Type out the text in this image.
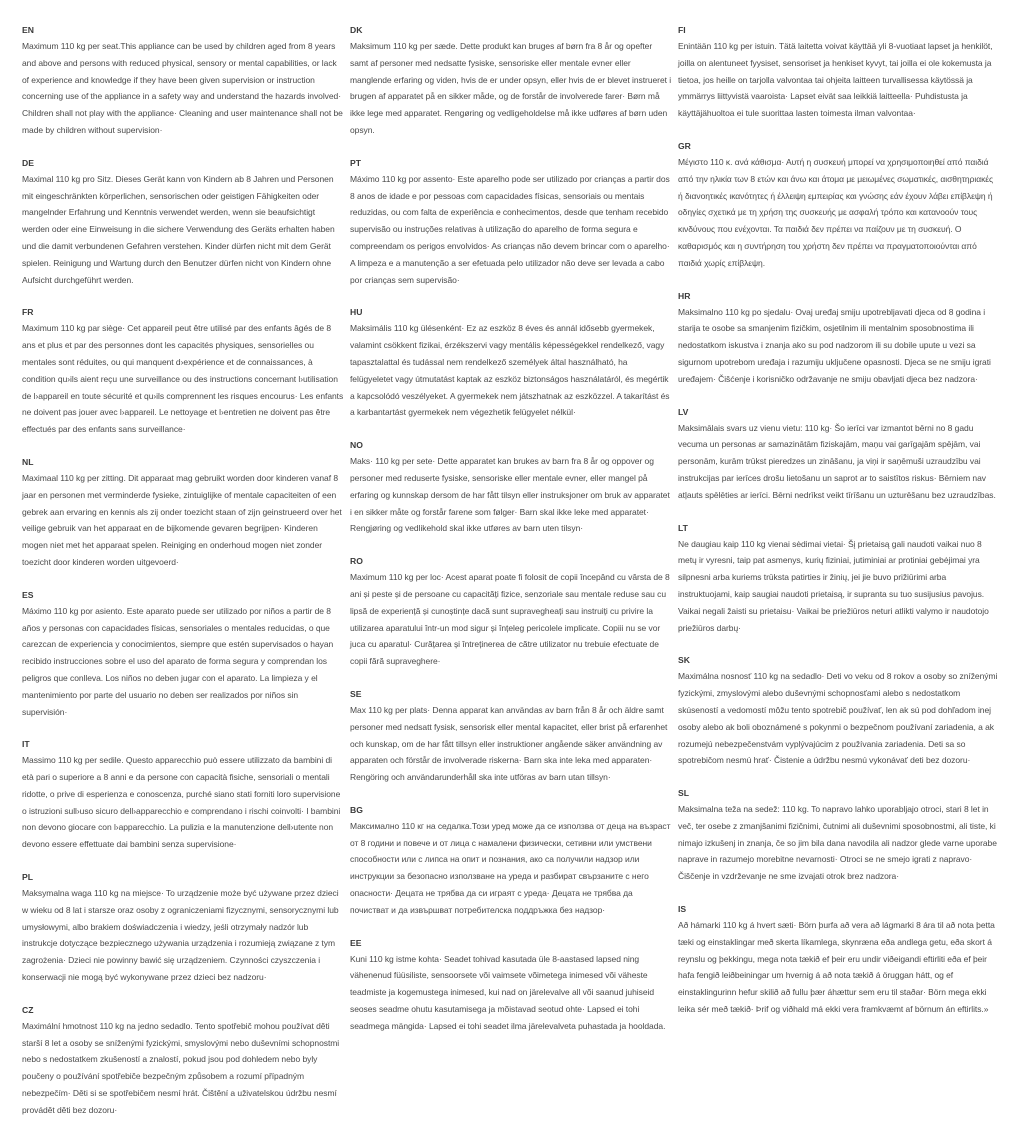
EN
Maximum 110 kg per seat.This appliance can be used by children aged from 8 years and above and persons with reduced physical, sensory or mental capabilities, or lack of experience and knowledge if they have been given supervision or instruction concerning use of the appliance in a safety way and understand the hazards involved· Children shall not play with the appliance· Cleaning and user maintenance shall not be made by children without supervision·
DE
Maximal 110 kg pro Sitz. Dieses Gerät kann von Kindern ab 8 Jahren und Personen mit eingeschränkten körperlichen, sensorischen oder geistigen Fähigkeiten oder mangelnder Erfahrung und Kenntnis verwendet werden, wenn sie beaufsichtigt werden oder eine Einweisung in die sichere Verwendung des Geräts erhalten haben und die damit verbundenen Gefahren verstehen. Kinder dürfen nicht mit dem Gerät spielen. Reinigung und Wartung durch den Benutzer dürfen nicht von Kindern ohne Aufsicht durchgeführt werden.
FR
Maximum 110 kg par siège· Cet appareil peut être utilisé par des enfants âgés de 8 ans et plus et par des personnes dont les capacités physiques, sensorielles ou mentales sont réduites, ou qui manquent d›expérience et de connaissances, à condition qu›ils aient reçu une surveillance ou des instructions concernant l›utilisation de l›appareil en toute sécurité et qu›ils comprennent les risques encourus· Les enfants ne doivent pas jouer avec l›appareil. Le nettoyage et l›entretien ne doivent pas être effectués par des enfants sans surveillance·
NL
Maximaal 110 kg per zitting. Dit apparaat mag gebruikt worden door kinderen vanaf 8 jaar en personen met verminderde fysieke, zintuiglijke of mentale capaciteiten of een gebrek aan ervaring en kennis als zij onder toezicht staan of zijn geinstrueerd over het veilige gebruik van het apparaat en de bijkomende gevaren begrijpen· Kinderen mogen niet met het apparaat spelen. Reiniging en onderhoud mogen niet zonder toezicht door kinderen worden uitgevoerd·
ES
Máximo 110 kg por asiento. Este aparato puede ser utilizado por niños a partir de 8 años y personas con capacidades físicas, sensoriales o mentales reducidas, o que carezcan de experiencia y conocimientos, siempre que estén supervisados o hayan recibido instrucciones sobre el uso del aparato de forma segura y comprendan los peligros que conlleva. Los niños no deben jugar con el aparato. La limpieza y el mantenimiento por parte del usuario no deben ser realizados por niños sin supervisión·
IT
Massimo 110 kg per sedile. Questo apparecchio può essere utilizzato da bambini di età pari o superiore a 8 anni e da persone con capacità fisiche, sensoriali o mentali ridotte, o prive di esperienza e conoscenza, purché siano stati forniti loro supervisione o istruzioni sull›uso sicuro dell›apparecchio e comprendano i rischi coinvolti· I bambini non devono giocare con l›apparecchio. La pulizia e la manutenzione dell›utente non devono essere effettuate dai bambini senza supervisione·
PL
Maksymalna waga 110 kg na miejsce· To urządzenie może być używane przez dzieci w wieku od 8 lat i starsze oraz osoby z ograniczeniami fizycznymi, sensorycznymi lub umysłowymi, albo brakiem doświadczenia i wiedzy, jeśli otrzymały nadzór lub instrukcje dotyczące bezpiecznego używania urządzenia i rozumieją związane z tym zagrożenia· Dzieci nie powinny bawić się urządzeniem. Czynności czyszczenia i konserwacji nie mogą być wykonywane przez dzieci bez nadzoru·
CZ
Maximální hmotnost 110 kg na jedno sedadlo. Tento spotřebič mohou používat děti starší 8 let a osoby se sníženými fyzickými, smyslovými nebo duševními schopnostmi nebo s nedostatkem zkušeností a znalostí, pokud jsou pod dohledem nebo byly poučeny o používání spotřebiče bezpečným způsobem a rozumí případným nebezpečím· Děti si se spotřebičem nesmí hrát. Čištění a uživatelskou údržbu nesmí provádět děti bez dozoru·
DK
Maksimum 110 kg per sæde. Dette produkt kan bruges af børn fra 8 år og opefter samt af personer med nedsatte fysiske, sensoriske eller mentale evner eller manglende erfaring og viden, hvis de er under opsyn, eller hvis de er blevet instrueret i brugen af apparatet på en sikker måde, og de forstår de involverede farer· Børn må ikke lege med apparatet. Rengøring og vedligeholdelse må ikke udføres af børn uden opsyn.
PT
Máximo 110 kg por assento· Este aparelho pode ser utilizado por crianças a partir dos 8 anos de idade e por pessoas com capacidades físicas, sensoriais ou mentais reduzidas, ou com falta de experiência e conhecimentos, desde que tenham recebido supervisão ou instruções relativas à utilização do aparelho de forma segura e compreendam os perigos envolvidos· As crianças não devem brincar com o aparelho· A limpeza e a manutenção a ser efetuada pelo utilizador não deve ser levada a cabo por crianças sem supervisão·
HU
Maksimális 110 kg ülésenként· Ez az eszköz 8 éves és annál idősebb gyermekek, valamint csökkent fizikai, érzékszervi vagy mentális képességekkel rendelkező, vagy tapasztalattal és tudással nem rendelkező személyek által használható, ha felügyeletet vagy útmutatást kaptak az eszköz biztonságos használatáról, és megértik a kapcsolódó veszélyeket. A gyermekek nem játszhatnak az eszközzel. A takarítást és a karbantartást gyermekek nem végezhetik felügyelet nélkül·
NO
Maks· 110 kg per sete· Dette apparatet kan brukes av barn fra 8 år og oppover og personer med reduserte fysiske, sensoriske eller mentale evner, eller mangel på erfaring og kunnskap dersom de har fått tilsyn eller instruksjoner om bruk av apparatet i en sikker måte og forstår farene som følger· Barn skal ikke leke med apparatet· Rengjøring og vedlikehold skal ikke utføres av barn uten tilsyn·
RO
Maximum 110 kg per loc· Acest aparat poate fi folosit de copii începând cu vârsta de 8 ani și peste și de persoane cu capacități fizice, senzoriale sau mentale reduse sau cu lipsă de experiență și cunoștințe dacă sunt supravegheați sau instruiți cu privire la utilizarea aparatului într-un mod sigur și înțeleg pericolele implicate. Copiii nu se vor juca cu aparatul· Curățarea și întreținerea de către utilizator nu trebuie efectuate de copii fără supraveghere·
SE
Max 110 kg per plats· Denna apparat kan användas av barn från 8 år och äldre samt personer med nedsatt fysisk, sensorisk eller mental kapacitet, eller brist på erfarenhet och kunskap, om de har fått tillsyn eller instruktioner angående säker användning av apparaten och förstår de involverade riskerna· Barn ska inte leka med apparaten· Rengöring och användarunderhåll ska inte utföras av barn utan tillsyn·
BG
Максимално 110 кг на седалка.Този уред може да се използва от деца на възраст от 8 години и повече и от лица с намалени физически, сетивни или умствени способности или с липса на опит и познания, ако са получили надзор или инструкции за безопасно използване на уреда и разбират свързаните с него опасности· Децата не трябва да си играят с уреда· Децата не трябва да почистват и да извършват потребителска поддръжка без надзор·
EE
Kuni 110 kg istme kohta· Seadet tohivad kasutada üle 8-aastased lapsed ning vähenenud füüsiliste, sensoorsete või vaimsete võimetega inimesed või väheste teadmiste ja kogemustega inimesed, kui nad on järelevalve all või saanud juhiseid seoses seadme ohutu kasutamisega ja mõistavad seotud ohte· Lapsed ei tohi seadmega mängida· Lapsed ei tohi seadet ilma järelevalveta puhastada ja hooldada.
FI
Enintään 110 kg per istuin. Tätä laitetta voivat käyttää yli 8-vuotiaat lapset ja henkilöt, joilla on alentuneet fyysiset, sensoriset ja henkiset kyvyt, tai joilla ei ole kokemusta ja tietoa, jos heille on tarjolla valvontaa tai ohjeita laitteen turvallisessa käytössä ja ymmärrys liittyvistä vaaroista· Lapset eivät saa leikkiä laitteella· Puhdistusta ja käyttäjähuoltoa ei tule suorittaa lasten toimesta ilman valvontaa·
GR
Μέγιστο 110 κ. ανά κάθισμα· Αυτή η συσκευή μπορεί να χρησιμοποιηθεί από παιδιά από την ηλικία των 8 ετών και άνω και άτομα με μειωμένες σωματικές, αισθητηριακές ή διανοητικές ικανότητες ή έλλειψη εμπειρίας και γνώσης εάν έχουν λάβει επίβλεψη ή οδηγίες σχετικά με τη χρήση της συσκευής με ασφαλή τρόπο και κατανοούν τους κινδύνους που ενέχονται. Τα παιδιά δεν πρέπει να παίζουν με τη συσκευή. Ο καθαρισμός και η συντήρηση του χρήστη δεν πρέπει να πραγματοποιούνται από παιδιά χωρίς επίβλεψη.
HR
Maksimalno 110 kg po sjedalu· Ovaj uređaj smiju upotrebljavati djeca od 8 godina i starija te osobe sa smanjenim fizičkim, osjetilnim ili mentalnim sposobnostima ili nedostatkom iskustva i znanja ako su pod nadzorom ili su dobile upute u vezi sa sigurnom upotrebom uređaja i razumiju uključene opasnosti. Djeca se ne smiju igrati uređajem· Čišćenje i korisničko održavanje ne smiju obavljati djeca bez nadzora·
LV
Maksimālais svars uz vienu vietu: 110 kg· Šo ierīci var izmantot bērni no 8 gadu vecuma un personas ar samazinātām fiziskajām, maņu vai garīgajām spējām, vai personām, kurām trūkst pieredzes un zināšanu, ja viņi ir saņēmuši uzraudzību vai instrukcijas par ierīces drošu lietošanu un saprot ar to saistītos riskus· Bērniem nav atļauts spēlēties ar ierīci. Bērni nedrīkst veikt tīrīšanu un uzturēšanu bez uzraudzības.
LT
Ne daugiau kaip 110 kg vienai sėdimai vietai· Šį prietaisą gali naudoti vaikai nuo 8 metų ir vyresni, taip pat asmenys, kurių fiziniai, jutiminiai ar protiniai gebėjimai yra silpnesni arba kuriems trūksta patirties ir žinių, jei jie buvo prižiūrimi arba instruktuojami, kaip saugiai naudoti prietaisą, ir supranta su tuo susijusius pavojus. Vaikai negali žaisti su prietaisu· Vaikai be priežiūros neturi atlikti valymo ir naudotojo priežiūros darbų·
SK
Maximálna nosnosť 110 kg na sedadlo· Deti vo veku od 8 rokov a osoby so zníženými fyzickými, zmyslovými alebo duševnými schopnosťami alebo s nedostatkom skúseností a vedomostí môžu tento spotrebič používať, len ak sú pod dohľadom inej osoby alebo ak boli oboznámené s pokynmi o bezpečnom používaní zariadenia, a ak rozumejú nebezpečenstvám vyplývajúcim z používania zariadenia. Deti sa so spotrebičom nesmú hrať· Čistenie a údržbu nesmú vykonávať deti bez dozoru·
SL
Maksimalna teža na sedež: 110 kg. To napravo lahko uporabljajo otroci, stari 8 let in več, ter osebe z zmanjšanimi fizičnimi, čutnimi ali duševnimi sposobnostmi, ali tiste, ki nimajo izkušenj in znanja, če so jim bila dana navodila ali nadzor glede varne uporabe naprave in razumejo morebitne nevarnosti· Otroci se ne smejo igrati z napravo· Čiščenje in vzdrževanje ne sme izvajati otrok brez nadzora·
IS
Að hámarki 110 kg á hvert sæti· Börn þurfa að vera að lágmarki 8 ára til að nota þetta tæki og einstaklingar með skerta líkamlega, skynræna eða andlega getu, eða skort á reynslu og þekkingu, mega nota tækið ef þeir eru undir viðeigandi eftirliti eða ef þeir hafa fengið leiðbeiningar um hvernig á að nota tækið á öruggan hátt, og ef einstaklingurinn hefur skilið að fullu þær áhættur sem eru til staðar· Börn mega ekki leika sér með tækið· Þrif og viðhald má ekki vera framkvæmt af börnum án eftirlits.»
